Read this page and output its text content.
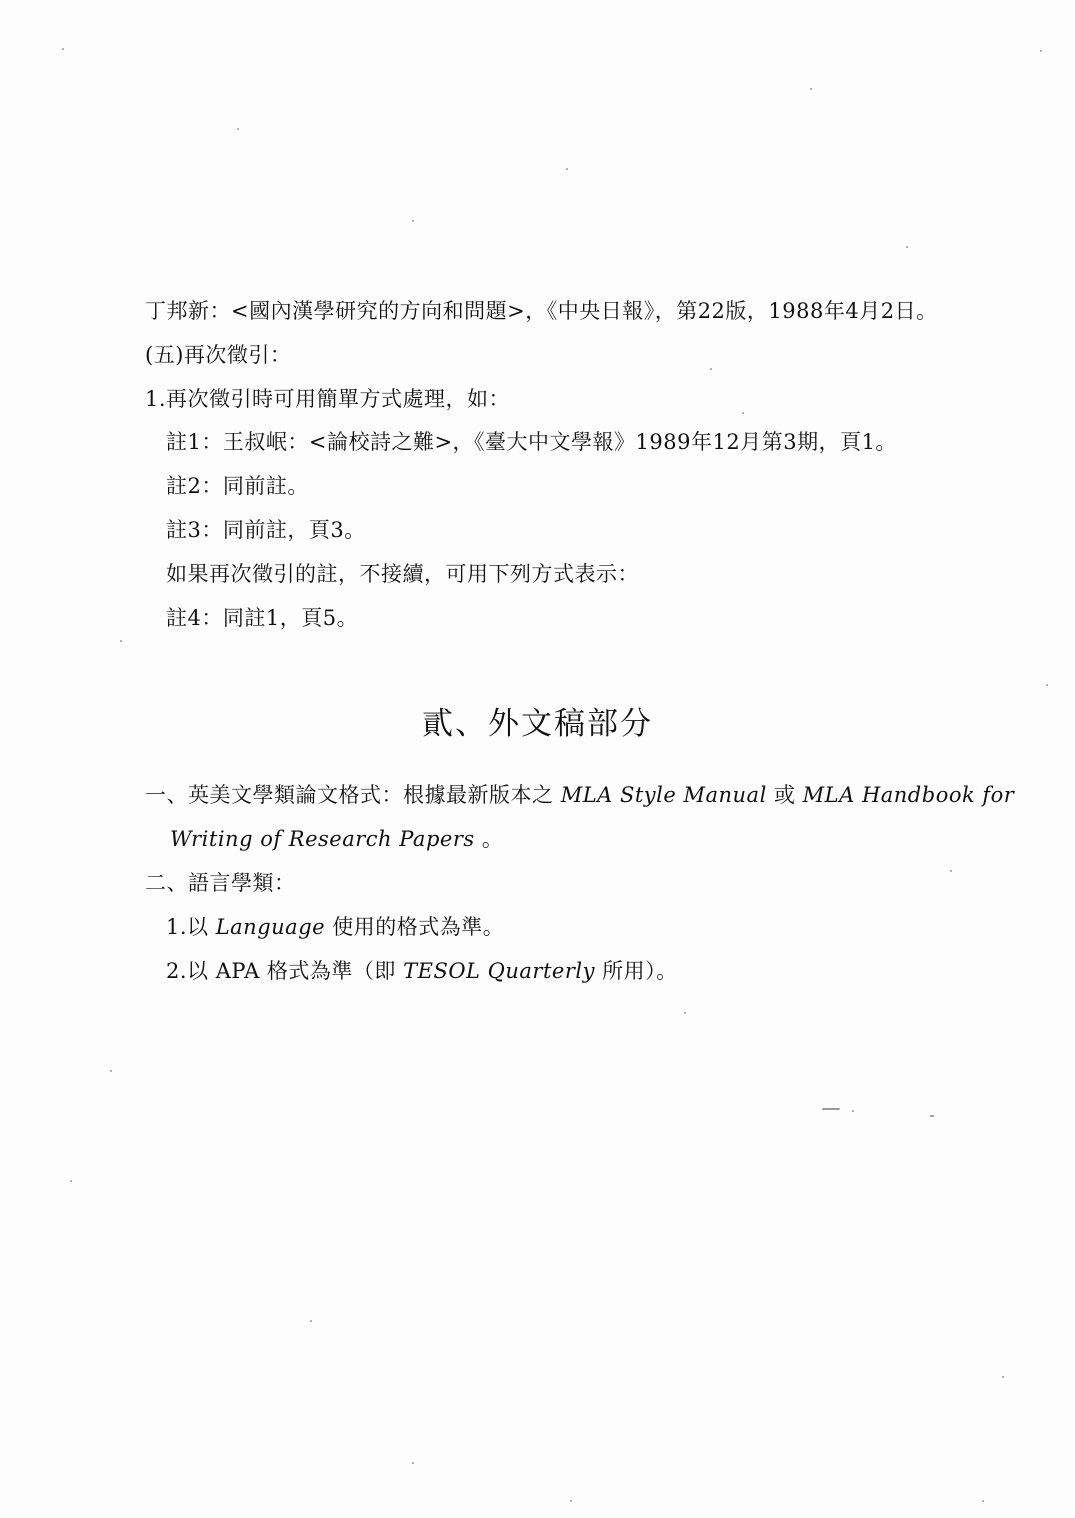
丁邦新：<國內漢學研究的方向和問題>，《中央日報》，第22版，1988年4月2日。
(五)再次徵引：
1.再次徵引時可用簡單方式處理，如：
註1：王叔岷：<論校詩之難>，《臺大中文學報》1989年12月第3期，頁1。
註2：同前註。
註3：同前註，頁3。
如果再次徵引的註，不接續，可用下列方式表示：
註4：同註1，頁5。
貳、外文稿部分
一、英美文學類論文格式：根據最新版本之 MLA Style Manual 或 MLA Handbook for
Writing of Research Papers 。
二、語言學類：
1.以 Language 使用的格式為準。
2.以 APA 格式為準（即 TESOL Quarterly 所用）。
